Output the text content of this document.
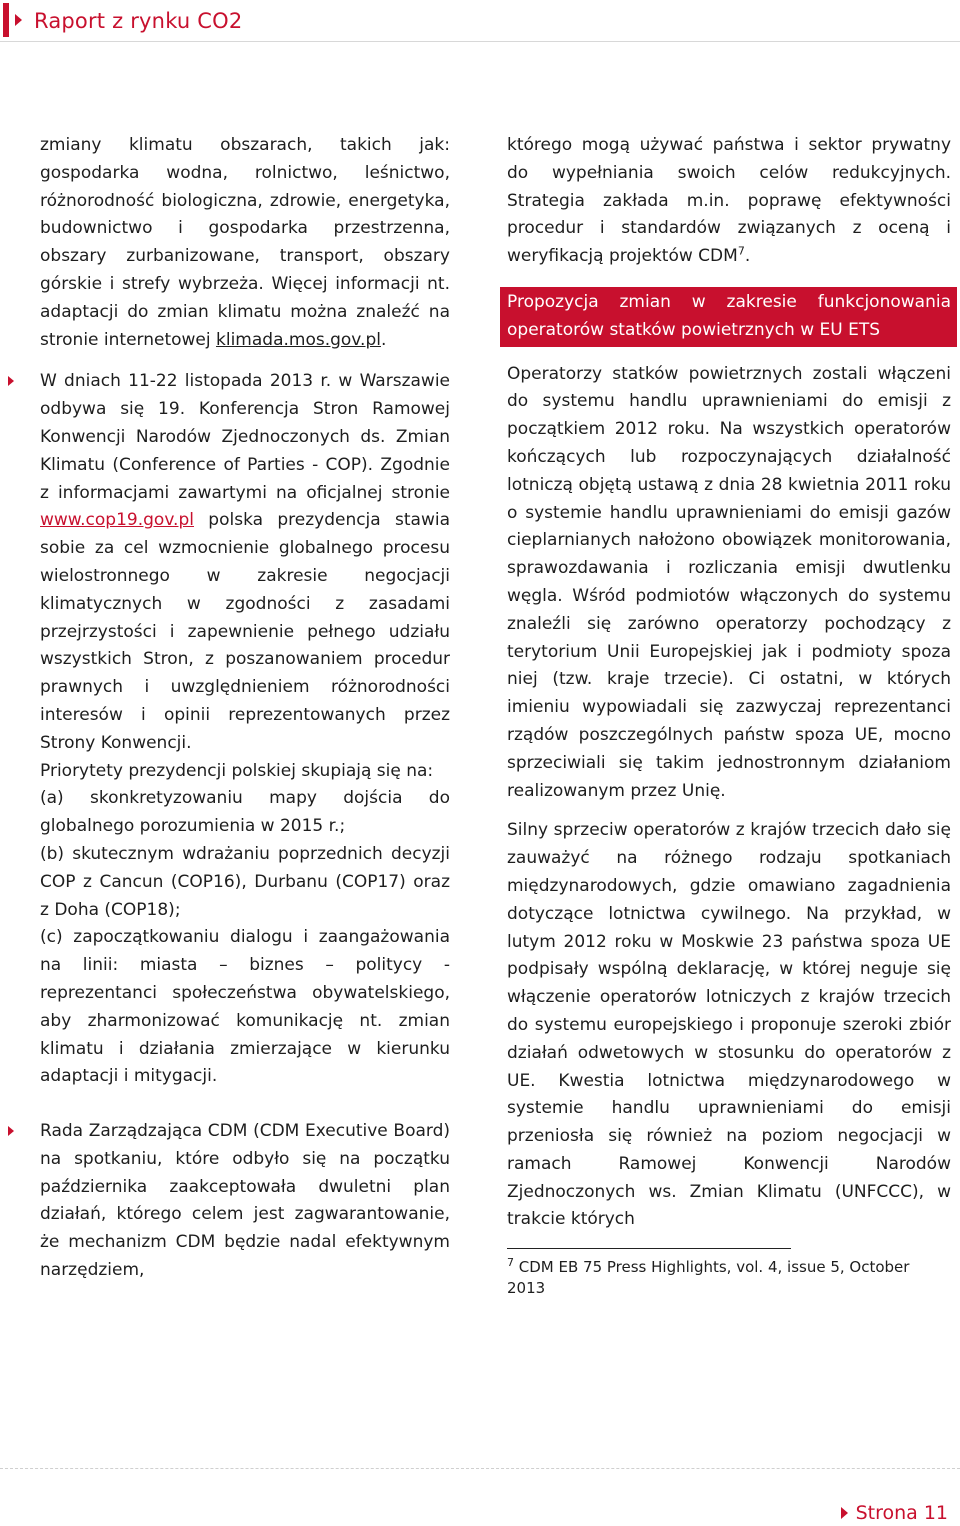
Raport z rynku CO2

zmiany klimatu obszarach, takich jak: gospodarka wodna, rolnictwo, leśnictwo, różnorodność biologiczna, zdrowie, energetyka, budownictwo i gospodarka przestrzenna, obszary zurbanizowane, transport, obszary górskie i strefy wybrzeża. Więcej informacji nt. adaptacji do zmian klimatu można znaleźć na stronie internetowej klimada.mos.gov.pl.

W dniach 11-22 listopada 2013 r. w Warszawie odbywa się 19. Konferencja Stron Ramowej Konwencji Narodów Zjednoczonych ds. Zmian Klimatu (Conference of Parties - COP). Zgodnie z informacjami zawartymi na oficjalnej stronie www.cop19.gov.pl polska prezydencja stawia sobie za cel wzmocnienie globalnego procesu wielostronnego w zakresie negocjacji klimatycznych w zgodności z zasadami przejrzystości i zapewnienie pełnego udziału wszystkich Stron, z poszanowaniem procedur prawnych i uwzględnieniem różnorodności interesów i opinii reprezentowanych przez Strony Konwencji.

Priorytety prezydencji polskiej skupiają się na:

(a) skonkretyzowaniu mapy dojścia do globalnego porozumienia w 2015 r.;

(b) skutecznym wdrażaniu poprzednich decyzji COP z Cancun (COP16), Durbanu (COP17) oraz z Doha (COP18);

(c) zapoczątkowaniu dialogu i zaangażowania na linii: miasta – biznes – politycy - reprezentanci społeczeństwa obywatelskiego, aby zharmonizować komunikację nt. zmian klimatu i działania zmierzające w kierunku adaptacji i mitygacji.

Rada Zarządzająca CDM (CDM Executive Board) na spotkaniu, które odbyło się na początku października zaakceptowała dwuletni plan działań, którego celem jest zagwarantowanie, że mechanizm CDM będzie nadal efektywnym narzędziem,

którego mogą używać państwa i sektor prywatny do wypełniania swoich celów redukcyjnych. Strategia zakłada m.in. poprawę efektywności procedur i standardów związanych z oceną i weryfikacją projektów CDM$^7$.

Propozycja zmian w zakresie funkcjonowania operatorów statków powietrznych w EU ETS

Operatorzy statków powietrznych zostali włączeni do systemu handlu uprawnieniami do emisji z początkiem 2012 roku. Na wszystkich operatorów kończących lub rozpoczynających działalność lotniczą objętą ustawą z dnia 28 kwietnia 2011 roku o systemie handlu uprawnieniami do emisji gazów cieplarnianych nałożono obowiązek monitorowania, sprawozdawania i rozliczania emisji dwutlenku węgla. Wśród podmiotów włączonych do systemu znaleźli się zarówno operatorzy pochodzący z terytorium Unii Europejskiej jak i podmioty spoza niej (tzw. kraje trzecie). Ci ostatni, w których imieniu wypowiadali się zazwyczaj reprezentanci rządów poszczególnych państw spoza UE, mocno sprzeciwiali się takim jednostronnym działaniom realizowanym przez Unię.

Silny sprzeciw operatorów z krajów trzecich dało się zauważyć na różnego rodzaju spotkaniach międzynarodowych, gdzie omawiano zagadnienia dotyczące lotnictwa cywilnego. Na przykład, w lutym 2012 roku w Moskwie 23 państwa spoza UE podpisały wspólną deklarację, w której neguje się włączenie operatorów lotniczych z krajów trzecich do systemu europejskiego i proponuje szeroki zbiór działań odwetowych w stosunku do operatorów z UE. Kwestia lotnictwa międzynarodowego w systemie handlu uprawnieniami do emisji przeniosła się również na poziom negocjacji w ramach Ramowej Konwencji Narodów Zjednoczonych ws. Zmian Klimatu (UNFCCC), w trakcie których

$^7$ CDM EB 75 Press Highlights, vol. 4, issue 5, October 2013

Strona 11
